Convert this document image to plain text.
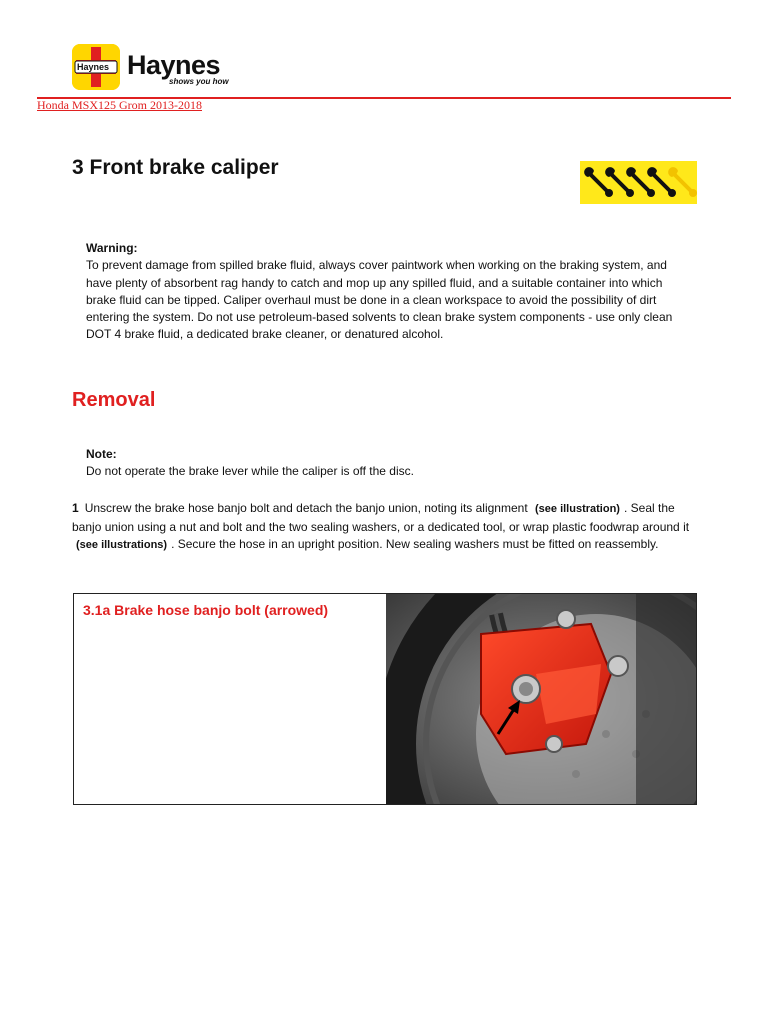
Haynes Haynes
shows you how
Honda MSX125 Grom 2013-2018
3 Front brake caliper
Warning:
To prevent damage from spilled brake fluid, always cover paintwork when working on the braking system, and have plenty of absorbent rag handy to catch and mop up any spilled fluid, and a suitable container into which brake fluid can be tipped. Caliper overhaul must be done in a clean workspace to avoid the possibility of dirt entering the system. Do not use petroleum-based solvents to clean brake system components - use only clean DOT 4 brake fluid, a dedicated brake cleaner, or denatured alcohol.
Removal
Note:
Do not operate the brake lever while the caliper is off the disc.

1 Unscrew the brake hose banjo bolt and detach the banjo union, noting its alignment (see illustration) . Seal the banjo union using a nut and bolt and the two sealing washers, or a dedicated tool, or wrap plastic foodwrap around it (see illustrations) . Secure the hose in an upright position. New sealing washers must be fitted on reassembly.

3.1a Brake hose banjo bolt (arrowed)
